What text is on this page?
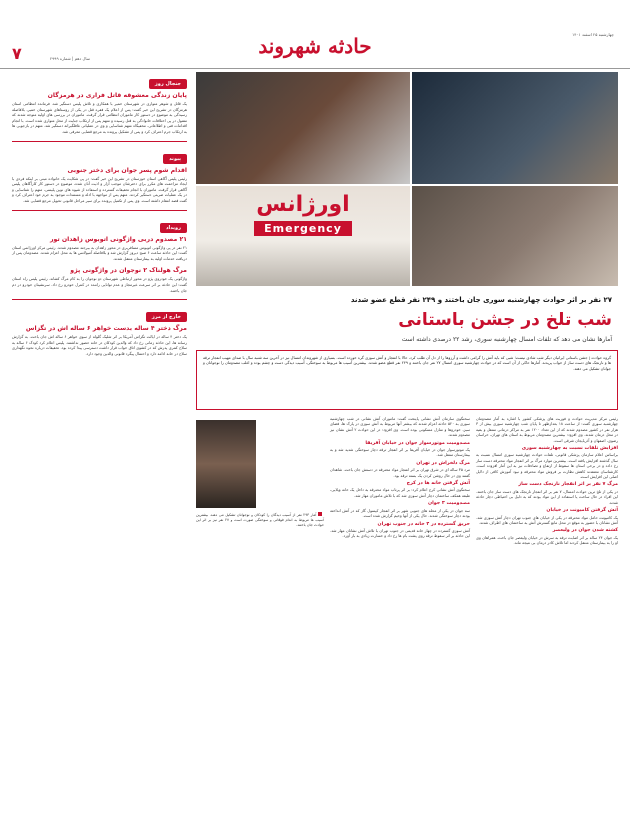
چهارشنبه ۲۵ اسفند ۱۴۰۱
حادثه شهروند
سال دهم | شماره ۲۹۹۹
۷
جنجال روز
پایان زندگی معشوقه قاتل فراری در هرمزگان
یک قاتل و شوهر متواری در شهرستان خمیر با همکاری و تلاش پلیس دستگیر شد. فرمانده انتظامی استان هرمزگان در تشریح این خبر گفت: پس از اعلام یک فقره قتل در یکی از روستاهای شهرستان خمیر، بلافاصله رسیدگی به موضوع در دستور کار ماموران انتظامی قرار گرفت. ماموران در بررسی های اولیه متوجه شدند که مقتول در پی اختلافات خانوادگی به قتل رسیده و متهم پس از ارتکاب جنایت از محل متواری شده است. با انجام اقدامات فنی و اطلاعاتی، مخفیگاه متهم شناسایی و وی در عملیاتی غافلگیرانه دستگیر شد. متهم در بازجویی ها به ارتکاب جرم اعتراف کرد و پس از تشکیل پرونده به مرجع قضایی معرفی شد.
پیوند
اقدام شوم پسر جوان برای دختر جنوبی
رئیس پلیس آگاهی استان خوزستان در تشریح این خبر گفت: در پی شکایت یک خانواده مبنی بر اینکه فردی با ایجاد مزاحمت های مکرر برای دخترشان موجب آزار و اذیت آنان شده، موضوع در دستور کار کارآگاهان پلیس آگاهی قرار گرفت. ماموران با انجام تحقیقات گسترده و استفاده از شیوه های نوین پلیسی، متهم را شناسایی و در یک عملیات ضربتی دستگیر کردند. متهم پس از مواجهه با ادله و مستندات موجود به جرم خود اعتراف کرد و گفت قصد انتقام داشته است. وی پس از تکمیل پرونده برای سیر مراحل قانونی تحویل مرجع قضایی شد.
رویداد
۲۱ مصدوم دربی واژگونی اتوبوس زاهدان تور
۲۱ نفر در پی واژگونی اتوبوس مسافربری در محور زاهدان به بیرجند مصدوم شدند. رئیس مرکز اورژانس استان گفت: این حادثه ساعت ۶ صبح دیروز گزارش شد و بلافاصله آمبولانس ها به محل اعزام شدند. مصدومان پس از دریافت خدمات اولیه به بیمارستان منتقل شدند.
مرگ هولناک ۲ نوجوان در واژگونی پژو
واژگونی یک خودروی پژو در محور ارتباطی شهرستان دو نوجوان را به کام مرگ کشاند. رئیس پلیس راه استان گفت: این حادثه بر اثر سرعت غیرمجاز و عدم توانایی راننده در کنترل خودرو رخ داد. سرنشینان خودرو در دم جان باختند.
خارج از مرز
مرگ دختر ۴ ساله بدست خواهر ۶ ساله اش در تگزاس
یک دختر ۴ ساله در ایالت تگزاس آمریکا بر اثر شلیک گلوله از سوی خواهر ۶ ساله اش جان باخت. به گزارش رسانه ها، این حادثه زمانی رخ داد که والدین کودکان در خانه حضور نداشتند. پلیس اعلام کرد کودک ۶ ساله به سلاح کمری پدرش که در کشوی اتاق خواب قرار داشت دسترسی پیدا کرده بود. تحقیقات درباره نحوه نگهداری سلاح در خانه ادامه دارد و احتمال پیگرد قانونی والدین وجود دارد.
اورژانس
Emergency
۲۷ نفر بر اثر حوادث چهارشنبه سوری جان باختند و ۲۴۹ نفر قطع عضو شدند
شب تلخ در جشن باستانی
آمارها نشان می دهد که تلفات امسال چهارشنبه سوری، رشد ۲۲ درصدی داشته است
گروه حوادث | جشن باستانی ایرانیان دیگر شب شادی نیست؛ شبی که باید آتش را گرامی داشت و آرزوها را از دل آن طلب کرد، حالا با انفجار و آتش سوزی گره خورده است. بسیاری از شهروندان امسال نیز در آخرین سه شنبه سال با صدای مهیب انفجار ترقه ها و نارنجک های دست ساز از خواب پریدند. آمارها حاکی از آن است که در حوادث چهارشنبه سوری امسال ۲۷ نفر جان باختند و ۲۴۹ نفر قطع عضو شدند. بیشترین آسیب ها مربوط به سوختگی، آسیب دیدگی دست و چشم بوده و اغلب مصدومان را نوجوانان و جوانان تشکیل می دهند.
رئیس مرکز مدیریت حوادث و فوریت های پزشکی کشور با اشاره به آمار مصدومان چهارشنبه سوری گفت: از ساعت ۱۸ بعدازظهر تا پایان شب چهارشنبه سوری بیش از ۳ هزار نفر در کشور مصدوم شدند که از این تعداد ۱۲۰۰ نفر به مراکز درمانی منتقل و بقیه در محل درمان شدند. وی افزود: بیشترین مصدومان مربوط به استان های تهران، خراسان رضوی، اصفهان و آذربایجان شرقی است.
افزایش تلفات نسبت به چهارشنبه سوری
براساس اعلام سازمان پزشکی قانونی، تلفات حوادث چهارشنبه سوری امسال نسبت به سال گذشته افزایش یافته است. بیشترین موارد مرگ بر اثر انفجار مواد محترقه دست ساز رخ داده و در برخی استان ها سقوط از ارتفاع و تصادفات نیز به این آمار افزوده است. کارشناسان معتقدند کاهش نظارت بر فروش مواد محترقه و نبود آموزش کافی از دلایل اصلی این افزایش است.
مرگ ۷ نفر بر اثر انفجار نارنجک دست ساز
در یکی از تلخ ترین حوادث امسال، ۷ نفر بر اثر انفجار نارنجک های دست ساز جان باختند. این افراد در حال ساخت یا استفاده از این مواد بودند که به دلیل بی احتیاطی دچار حادثه شدند.
آتش گرفتن کامیونت در خیابان
یک کامیونت حامل مواد محترقه در یکی از خیابان های جنوب تهران دچار آتش سوزی شد. آتش نشانان با حضور به موقع در محل مانع گسترش آتش به ساختمان های اطراف شدند.
کشته شدن جوان در ولیعصر
یک جوان ۲۴ ساله بر اثر اصابت ترقه به سرش در خیابان ولیعصر جان باخت. همراهان وی او را به بیمارستان منتقل کردند اما تلاش کادر درمان بی نتیجه ماند.
سخنگوی سازمان آتش نشانی پایتخت گفت: ماموران آتش نشانی در شب چهارشنبه سوری به ۵۲۰ حادثه اعزام شدند که بیشتر آنها مربوط به آتش سوزی در پارک ها، فضای سبز، خودروها و منازل مسکونی بوده است. وی افزود: در این حوادث ۲ آتش نشان نیز مصدوم شدند.
مصدومیت موتورسوار جوان در خیابان آفریقا
یک موتورسوار جوان در خیابان آفریقا بر اثر انفجار ترقه دچار سوختگی شدید شد و به بیمارستان منتقل شد.
مرگ دلخراش در تهران
مرد ۳۵ ساله ای در شرق تهران بر اثر انفجار مواد محترقه در دستش جان باخت. شاهدان گفتند وی در حال روشن کردن یک بسته ترقه بود.
آتش گرفتن خانه ها در کرج
سخنگوی آتش نشانی کرج اعلام کرد: بر اثر پرتاب مواد محترقه به داخل یک خانه ویلایی، طبقه همکف ساختمان دچار آتش سوزی شد که با تلاش ماموران مهار شد.
مصدومیت ۳ جوان
سه جوان در یکی از محله های جنوبی شهر بر اثر انفجار کپسول گاز که در آتش انداخته بودند دچار سوختگی شدند. حال یکی از آنها وخیم گزارش شده است.
حریق گسترده در ۴ خانه در جنوب تهران
آتش سوزی گسترده در چهار خانه قدیمی در جنوب تهران با تلاش آتش نشانان مهار شد. این حادثه بر اثر سقوط ترقه روی پشت بام ها رخ داد و خسارت زیادی به بار آورد.
آمار ۲۹۳ نفر از آسیب دیدگان را کودکان و نوجوانان تشکیل می دهند. بیشترین آسیب ها مربوط به اندام فوقانی و سوختگی صورت است و ۲۷ نفر نیز بر اثر این حوادث جان باختند.
